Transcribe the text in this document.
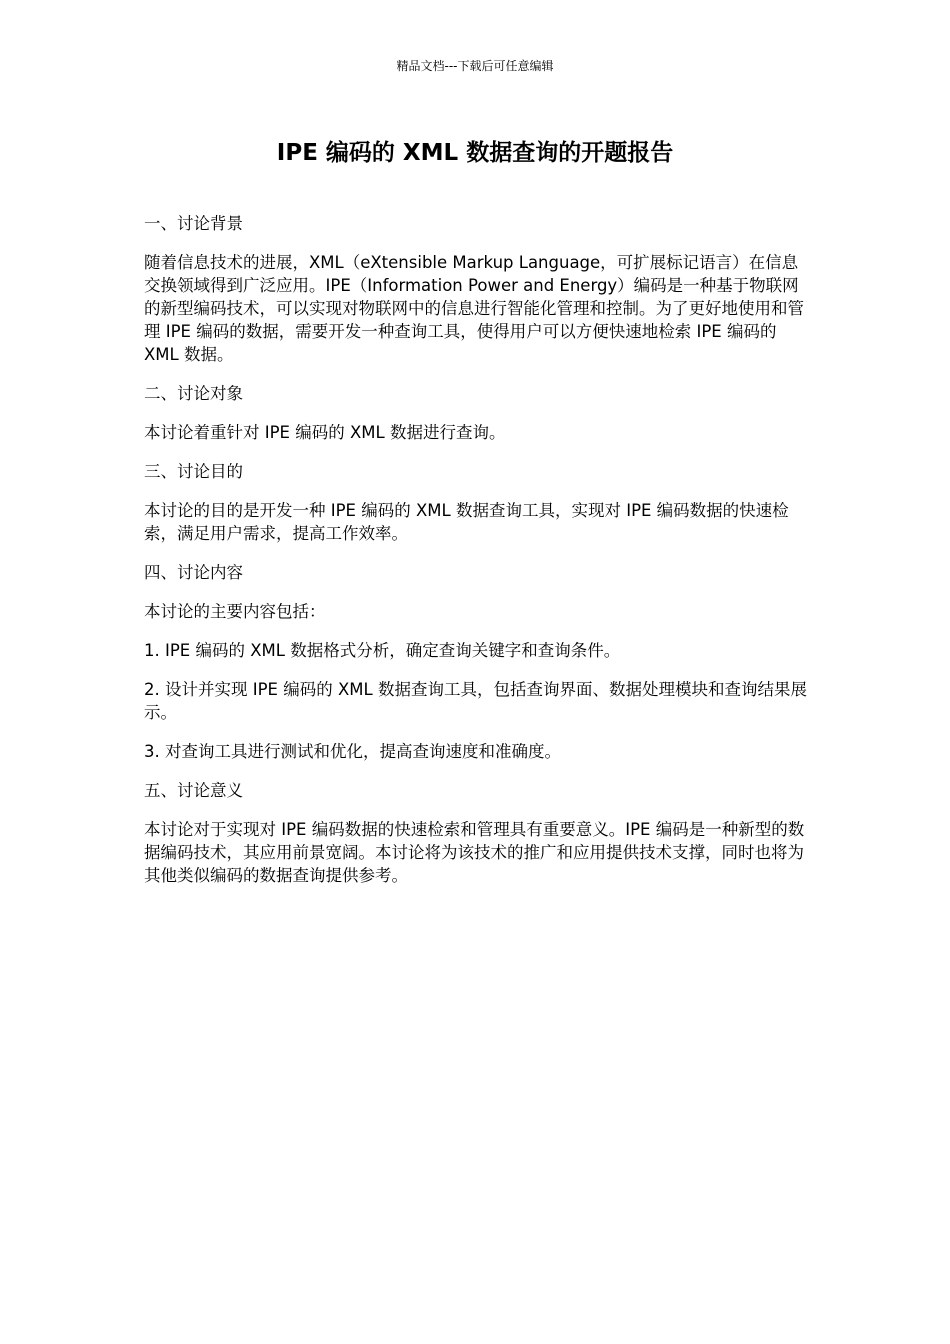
精品文档---下载后可任意编辑
IPE 编码的 XML 数据查询的开题报告

一、讨论背景

随着信息技术的进展，XML（eXtensible Markup Language，可扩展标记语言）在信息交换领域得到广泛应用。IPE（Information Power and Energy）编码是一种基于物联网的新型编码技术，可以实现对物联网中的信息进行智能化管理和控制。为了更好地使用和管理 IPE 编码的数据，需要开发一种查询工具，使得用户可以方便快速地检索 IPE 编码的 XML 数据。

二、讨论对象

本讨论着重针对 IPE 编码的 XML 数据进行查询。

三、讨论目的

本讨论的目的是开发一种 IPE 编码的 XML 数据查询工具，实现对 IPE 编码数据的快速检索，满足用户需求，提高工作效率。

四、讨论内容

本讨论的主要内容包括：

1. IPE 编码的 XML 数据格式分析，确定查询关键字和查询条件。

2. 设计并实现 IPE 编码的 XML 数据查询工具，包括查询界面、数据处理模块和查询结果展示。

3. 对查询工具进行测试和优化，提高查询速度和准确度。

五、讨论意义

本讨论对于实现对 IPE 编码数据的快速检索和管理具有重要意义。IPE 编码是一种新型的数据编码技术，其应用前景宽阔。本讨论将为该技术的推广和应用提供技术支撑，同时也将为其他类似编码的数据查询提供参考。
